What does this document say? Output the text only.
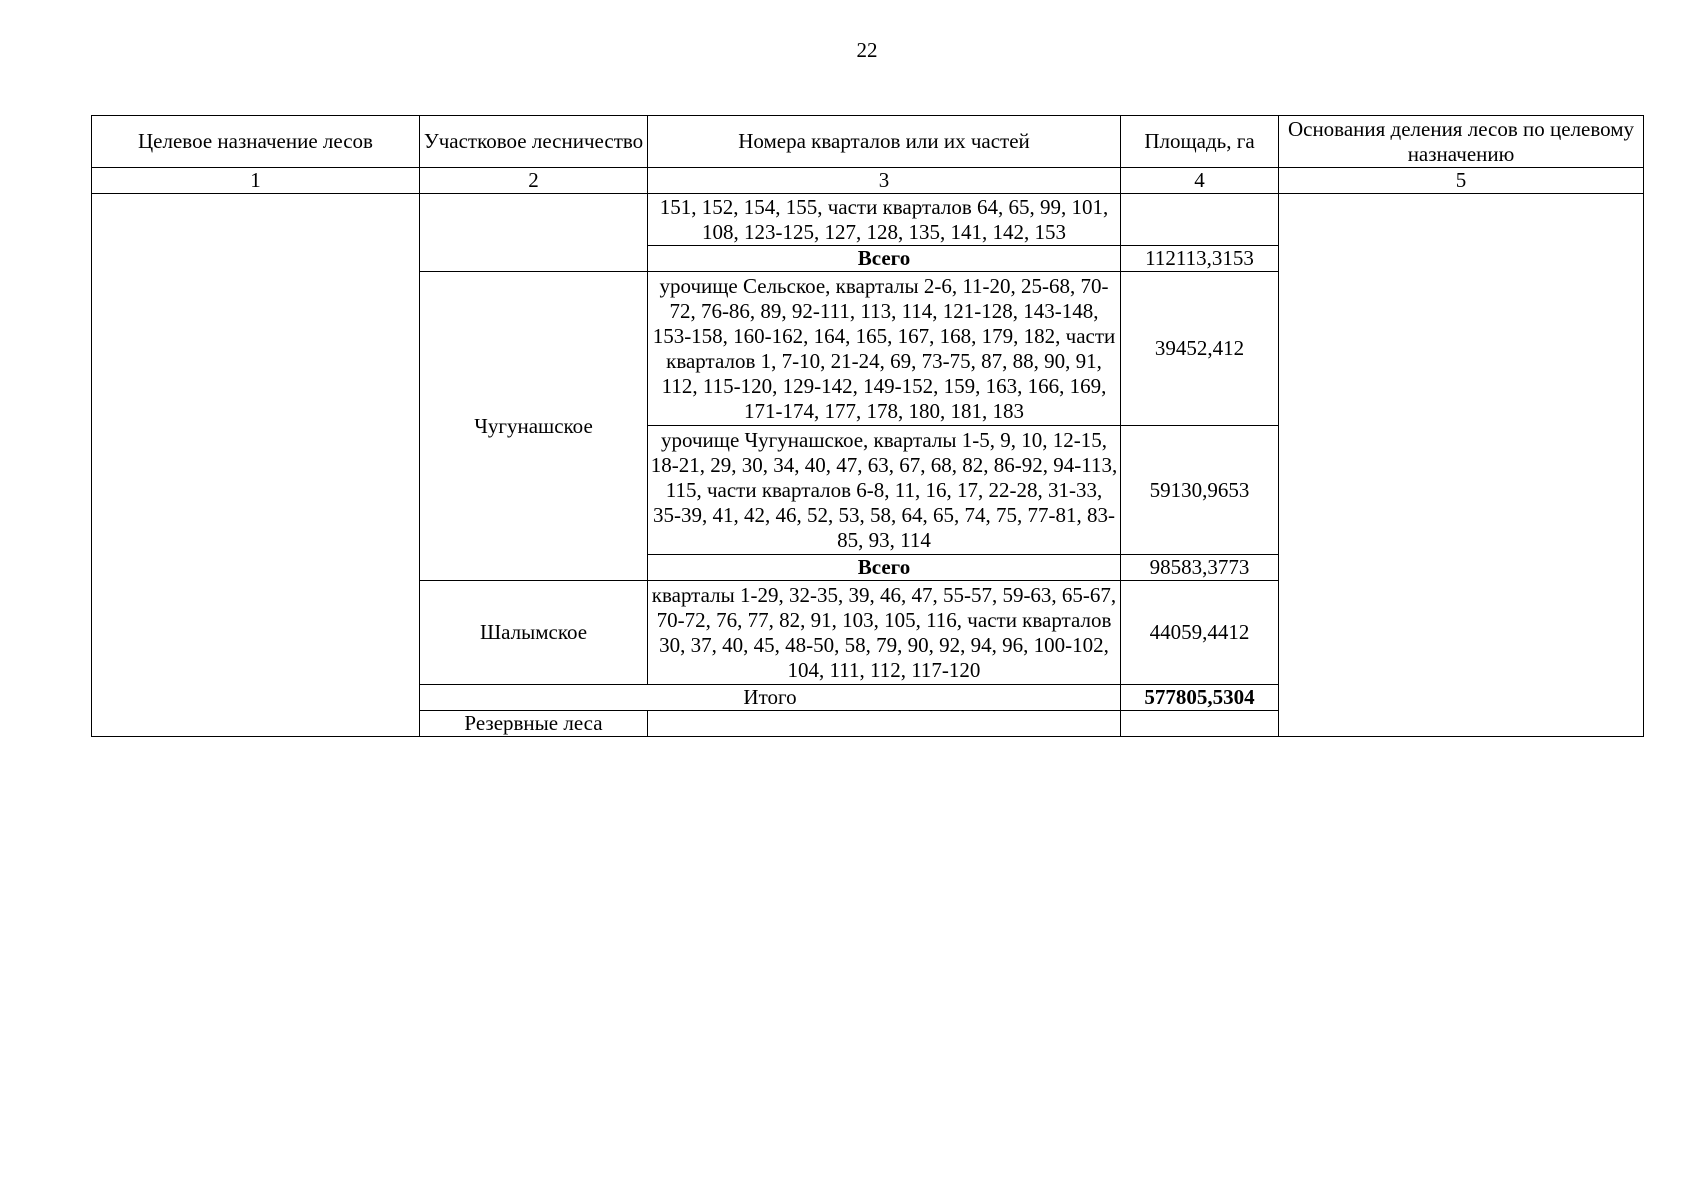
22
Целевое назначение лесов	Участковое лесничество	Номера кварталов или их частей	Площадь, га	Основания деления лесов по целевому назначению	
1	2	3	4	5	
		151, 152, 154, 155, части кварталов 64, 65, 99, 101, 108, 123-125, 127, 128, 135, 141, 142, 153			
		Всего	112113,3153		
	Чугунашское	урочище Сельское, кварталы 2-6, 11-20, 25-68, 70-72, 76-86, 89, 92-111, 113, 114, 121-128, 143-148, 153-158, 160-162, 164, 165, 167, 168, 179, 182, части кварталов 1, 7-10, 21-24, 69, 73-75, 87, 88, 90, 91, 112, 115-120, 129-142, 149-152, 159, 163, 166, 169, 171-174, 177, 178, 180, 181, 183	39452,412		
		урочище Чугунашское, кварталы 1-5, 9, 10, 12-15, 18-21, 29, 30, 34, 40, 47, 63, 67, 68, 82, 86-92, 94-113, 115, части кварталов 6-8, 11, 16, 17, 22-28, 31-33, 35-39, 41, 42, 46, 52, 53, 58, 64, 65, 74, 75, 77-81, 83-85, 93, 114	59130,9653		
		Всего	98583,3773		
	Шалымское	кварталы 1-29, 32-35, 39, 46, 47, 55-57, 59-63, 65-67, 70-72, 76, 77, 82, 91, 103, 105, 116, части кварталов 30, 37, 40, 45, 48-50, 58, 79, 90, 92, 94, 96, 100-102, 104, 111, 112, 117-120	44059,4412		
	Итого		577805,5304		
	Резервные леса				
